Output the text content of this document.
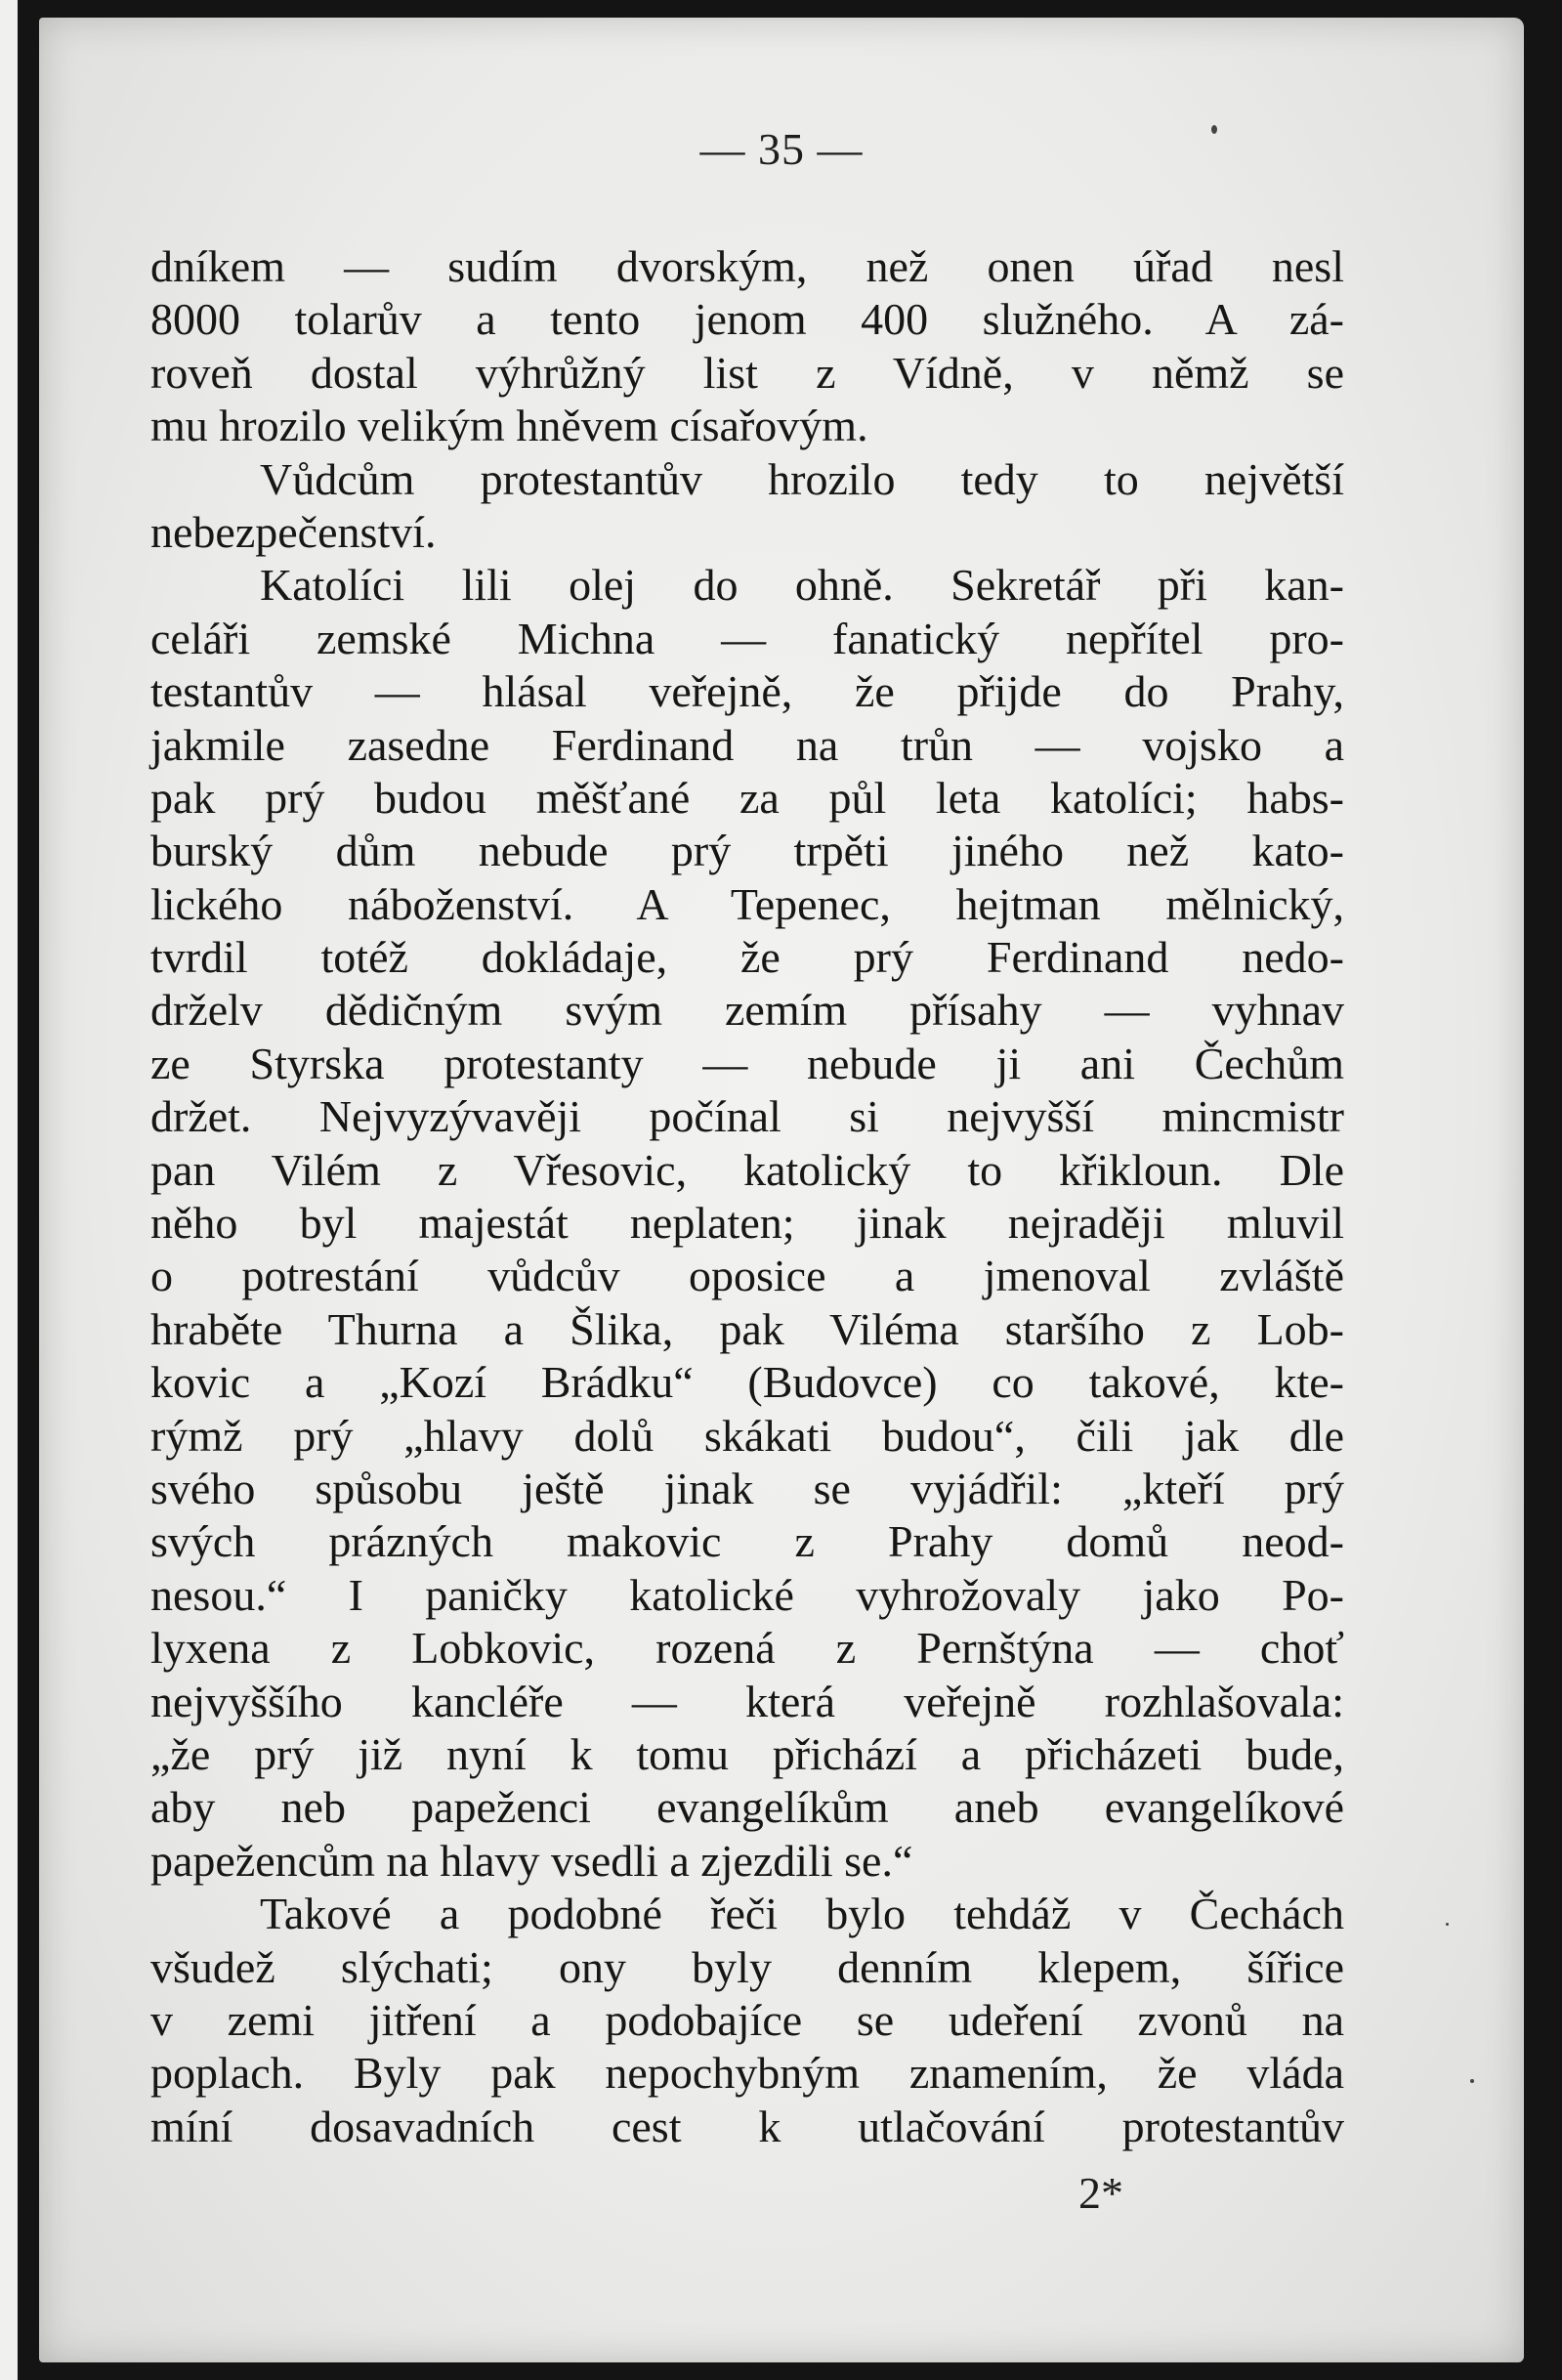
— 35 —
dníkem — sudím dvorským, než onen úřad nesl
8000 tolarův a tento jenom 400 služného. A zá-
roveň dostal výhrůžný list z Vídně, v němž se
mu hrozilo velikým hněvem císařovým.
Vůdcům protestantův hrozilo tedy to největší
nebezpečenství.
Katolíci lili olej do ohně. Sekretář při kan-
celáři zemské Michna — fanatický nepřítel pro-
testantův — hlásal veřejně, že přijde do Prahy,
jakmile zasedne Ferdinand na trůn — vojsko a
pak prý budou měšťané za půl leta katolíci; habs-
burský dům nebude prý trpěti jiného než kato-
lického náboženství. A Tepenec, hejtman mělnický,
tvrdil totéž dokládaje, že prý Ferdinand nedo-
drželv dědičným svým zemím přísahy — vyhnav
ze Styrska protestanty — nebude ji ani Čechům
držet. Nejvyzývavěji počínal si nejvyšší mincmistr
pan Vilém z Vřesovic, katolický to křikloun. Dle
něho byl majestát neplaten; jinak nejraději mluvil
o potrestání vůdcův oposice a jmenoval zvláště
hraběte Thurna a Šlika, pak Viléma staršího z Lob-
kovic a „Kozí Brádku“ (Budovce) co takové, kte-
rýmž prý „hlavy dolů skákati budou“, čili jak dle
svého spůsobu ještě jinak se vyjádřil: „kteří prý
svých prázných makovic z Prahy domů neod-
nesou.“ I paničky katolické vyhrožovaly jako Po-
lyxena z Lobkovic, rozená z Pernštýna — choť
nejvyššího kancléře — která veřejně rozhlašovala:
„že prý již nyní k tomu přichází a přicházeti bude,
aby neb papeženci evangelíkům aneb evangelíkové
papežencům na hlavy vsedli a zjezdili se.“
Takové a podobné řeči bylo tehdáž v Čechách
všudež slýchati; ony byly denním klepem, šířice
v zemi jitření a podobajíce se udeření zvonů na
poplach. Byly pak nepochybným znamením, že vláda
míní dosavadních cest k utlačování protestantův
2*
